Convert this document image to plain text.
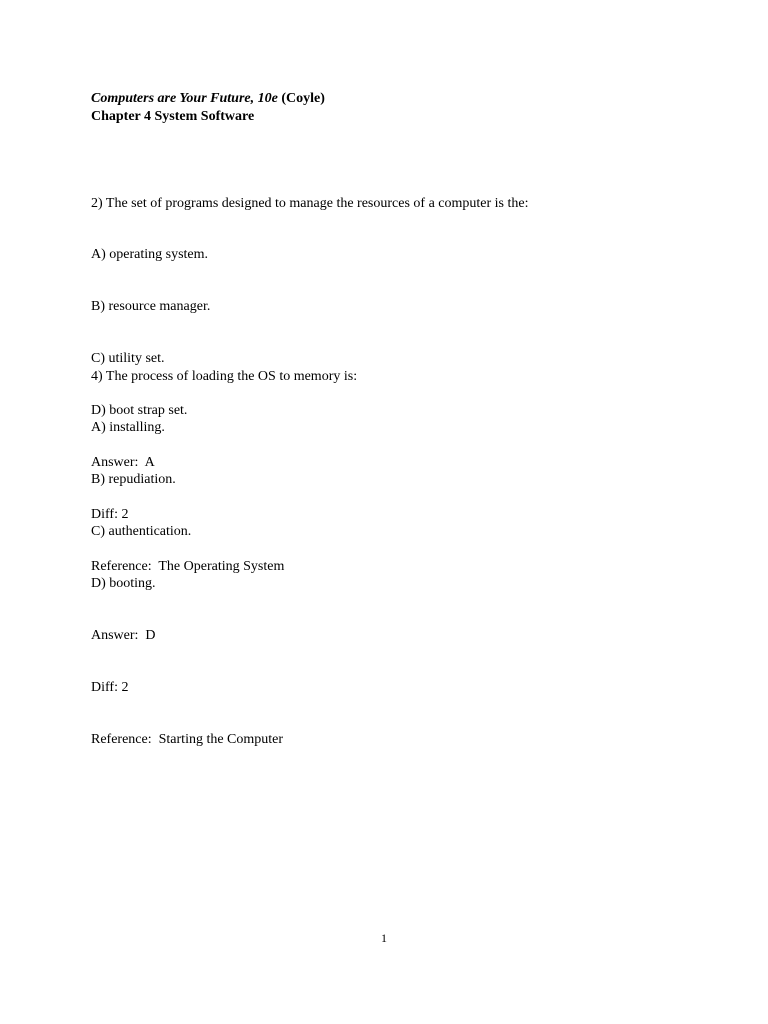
Computers are Your Future, 10e (Coyle)
Chapter 4 System Software

2) The set of programs designed to manage the resources of a computer is the:

A) operating system.

B) resource manager.

C) utility set.

D) boot strap set.

Answer:  A

Diff: 2

Reference:  The Operating System

4) The process of loading the OS to memory is:

A) installing.

B) repudiation.

C) authentication.

D) booting.

Answer:  D

Diff: 2

Reference:  Starting the Computer

1
